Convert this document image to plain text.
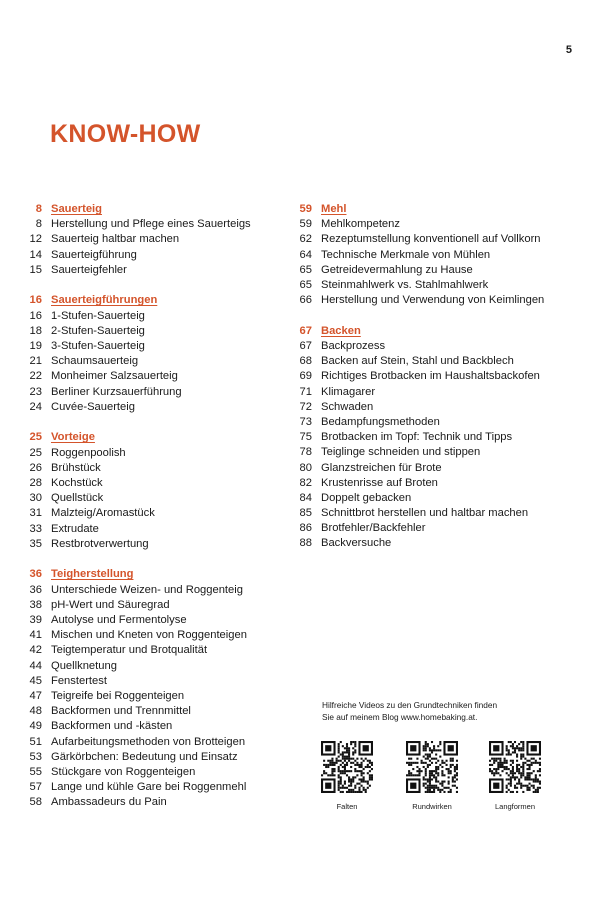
5
KNOW-HOW
8 Sauerteig
8 Herstellung und Pflege eines Sauerteigs
12 Sauerteig haltbar machen
14 Sauerteigführung
15 Sauerteigfehler
16 Sauerteigführungen
16 1-Stufen-Sauerteig
18 2-Stufen-Sauerteig
19 3-Stufen-Sauerteig
21 Schaumsauerteig
22 Monheimer Salzsauerteig
23 Berliner Kurzsauerführung
24 Cuvée-Sauerteig
25 Vorteige
25 Roggenpoolish
26 Brühstück
28 Kochstück
30 Quellstück
31 Malzteig/Aromastück
33 Extrudate
35 Restbrotverwertung
36 Teigherstellung
36 Unterschiede Weizen- und Roggenteig
38 pH-Wert und Säuregrad
39 Autolyse und Fermentolyse
41 Mischen und Kneten von Roggenteigen
42 Teigtemperatur und Brotqualität
44 Quellknetung
45 Fenstertest
47 Teigreife bei Roggenteigen
48 Backformen und Trennmittel
49 Backformen und -kästen
51 Aufarbeitungsmethoden von Brotteigen
53 Gärkörbchen: Bedeutung und Einsatz
55 Stückgare von Roggenteigen
57 Lange und kühle Gare bei Roggenmehl
58 Ambassadeurs du Pain
59 Mehl
59 Mehlkompetenz
62 Rezeptumstellung konventionell auf Vollkorn
64 Technische Merkmale von Mühlen
65 Getreidevermahlung zu Hause
65 Steinmahlwerk vs. Stahlmahlwerk
66 Herstellung und Verwendung von Keimlingen
67 Backen
67 Backprozess
68 Backen auf Stein, Stahl und Backblech
69 Richtiges Brotbacken im Haushaltsbackofen
71 Klimagarer
72 Schwaden
73 Bedampfungsmethoden
75 Brotbacken im Topf: Technik und Tipps
78 Teiglinge schneiden und stippen
80 Glanzstreichen für Brote
82 Krustenrisse auf Broten
84 Doppelt gebacken
85 Schnittbrot herstellen und haltbar machen
86 Brotfehler/Backfehler
88 Backversuche

Hilfreiche Videos zu den Grundtechniken finden
Sie auf meinem Blog www.homebaking.at.

Falten	Rundwirken	Langformen
